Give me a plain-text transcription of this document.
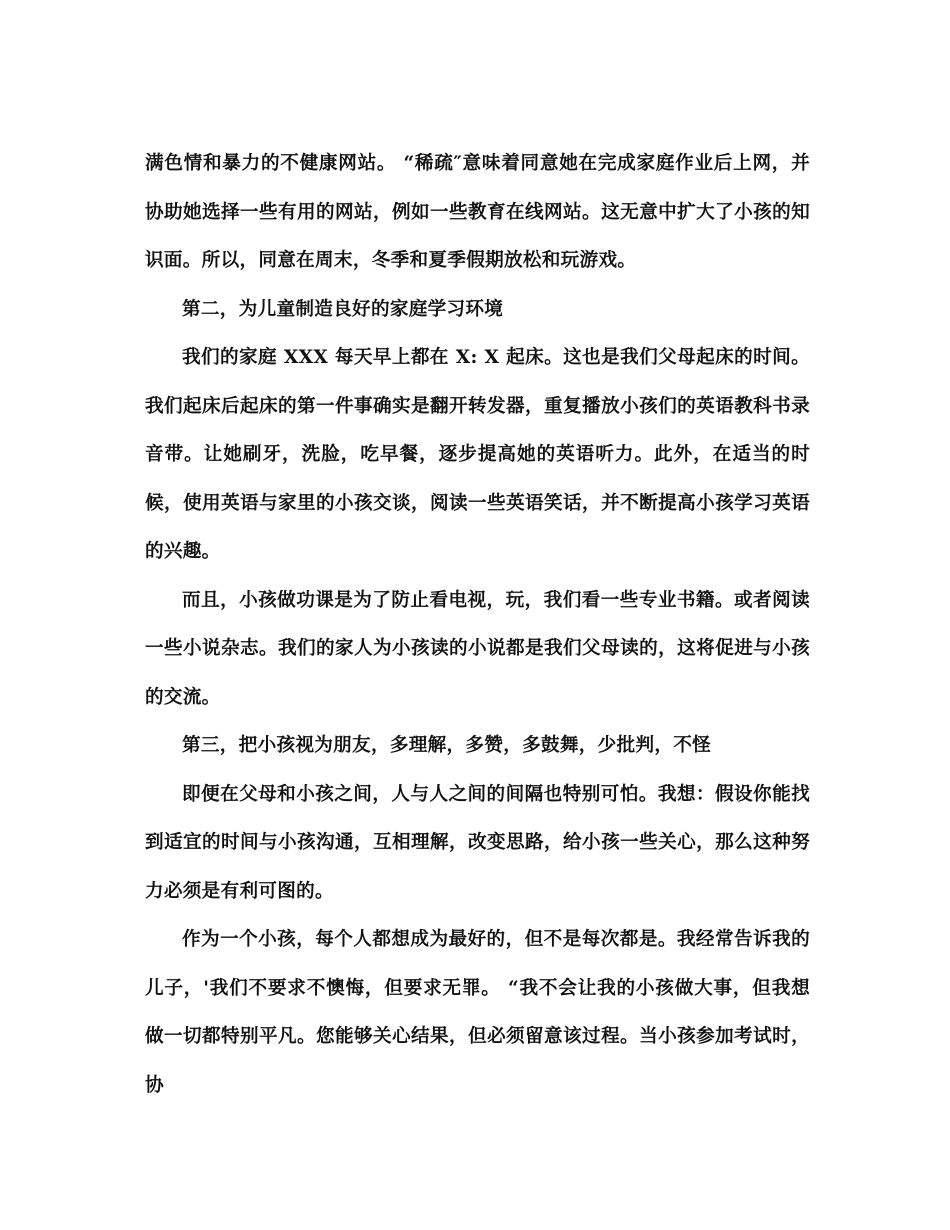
满色情和暴力的不健康网站。 “稀疏″意味着同意她在完成家庭作业后上网，并协助她选择一些有用的网站，例如一些教育在线网站。这无意中扩大了小孩的知识面。所以，同意在周末，冬季和夏季假期放松和玩游戏。

第二，为儿童制造良好的家庭学习环境

我们的家庭 XXX 每天早上都在 X: X 起床。这也是我们父母起床的时间。我们起床后起床的第一件事确实是翻开转发器，重复播放小孩们的英语教科书录音带。让她刷牙，洗脸，吃早餐，逐步提高她的英语听力。此外，在适当的时候，使用英语与家里的小孩交谈，阅读一些英语笑话，并不断提高小孩学习英语的兴趣。

而且，小孩做功课是为了防止看电视，玩，我们看一些专业书籍。或者阅读一些小说杂志。我们的家人为小孩读的小说都是我们父母读的，这将促进与小孩的交流。

第三，把小孩视为朋友，多理解，多赞，多鼓舞，少批判，不怪

即便在父母和小孩之间，人与人之间的间隔也特别可怕。我想：假设你能找到适宜的时间与小孩沟通，互相理解，改变思路，给小孩一些关心，那么这种努力必须是有利可图的。

作为一个小孩，每个人都想成为最好的，但不是每次都是。我经常告诉我的儿子，'我们不要求不懊悔，但要求无罪。 “我不会让我的小孩做大事，但我想做一切都特别平凡。您能够关心结果，但必须留意该过程。当小孩参加考试时，协
